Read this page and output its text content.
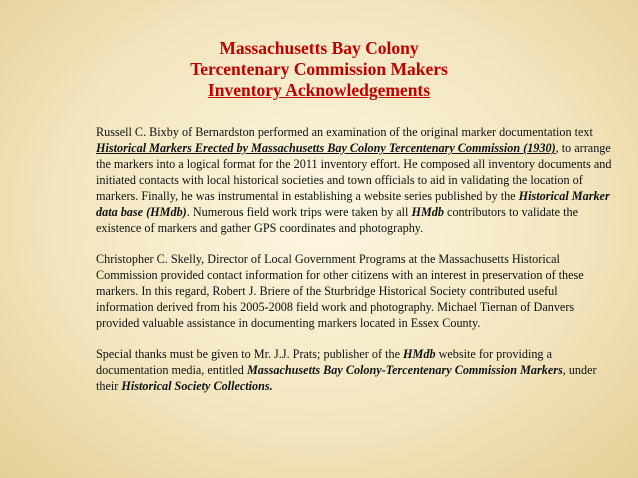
Massachusetts Bay Colony
Tercentenary Commission Makers
Inventory Acknowledgements

Russell C. Bixby of Bernardston performed an examination of the original marker documentation text Historical Markers Erected by Massachusetts Bay Colony Tercentenary Commission (1930), to arrange the markers into a logical format for the 2011 inventory effort. He composed all inventory documents and initiated contacts with local historical societies and town officials to aid in validating the location of markers. Finally, he was instrumental in establishing a website series published by the Historical Marker data base (HMdb). Numerous field work trips were taken by all HMdb contributors to validate the existence of markers and gather GPS coordinates and photography.

Christopher C. Skelly, Director of Local Government Programs at the Massachusetts Historical Commission provided contact information for other citizens with an interest in preservation of these markers. In this regard, Robert J. Briere of the Sturbridge Historical Society contributed useful information derived from his 2005-2008 field work and photography. Michael Tiernan of Danvers provided valuable assistance in documenting markers located in Essex County.

Special thanks must be given to Mr. J.J. Prats; publisher of the HMdb website for providing a documentation media, entitled Massachusetts Bay Colony-Tercentenary Commission Markers, under their Historical Society Collections.
